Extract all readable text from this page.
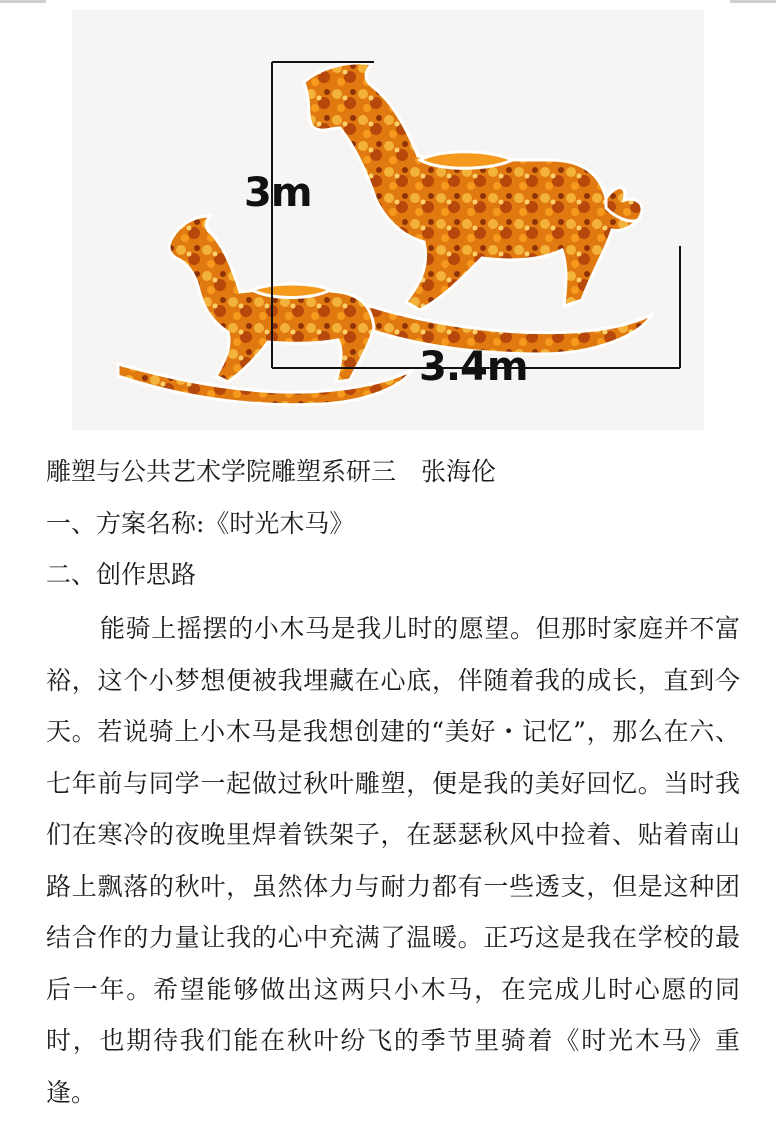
3m
3.4m
雕塑与公共艺术学院雕塑系研三　张海伦
一、方案名称:《时光木马》
二、创作思路
能骑上摇摆的小木马是我儿时的愿望。但那时家庭并不富裕，这个小梦想便被我埋藏在心底，伴随着我的成长，直到今天。若说骑上小木马是我想创建的“美好・记忆”，那么在六、七年前与同学一起做过秋叶雕塑，便是我的美好回忆。当时我们在寒冷的夜晚里焊着铁架子，在瑟瑟秋风中捡着、贴着南山路上飘落的秋叶，虽然体力与耐力都有一些透支，但是这种团结合作的力量让我的心中充满了温暖。正巧这是我在学校的最后一年。希望能够做出这两只小木马，在完成儿时心愿的同时，也期待我们能在秋叶纷飞的季节里骑着《时光木马》重逢。
